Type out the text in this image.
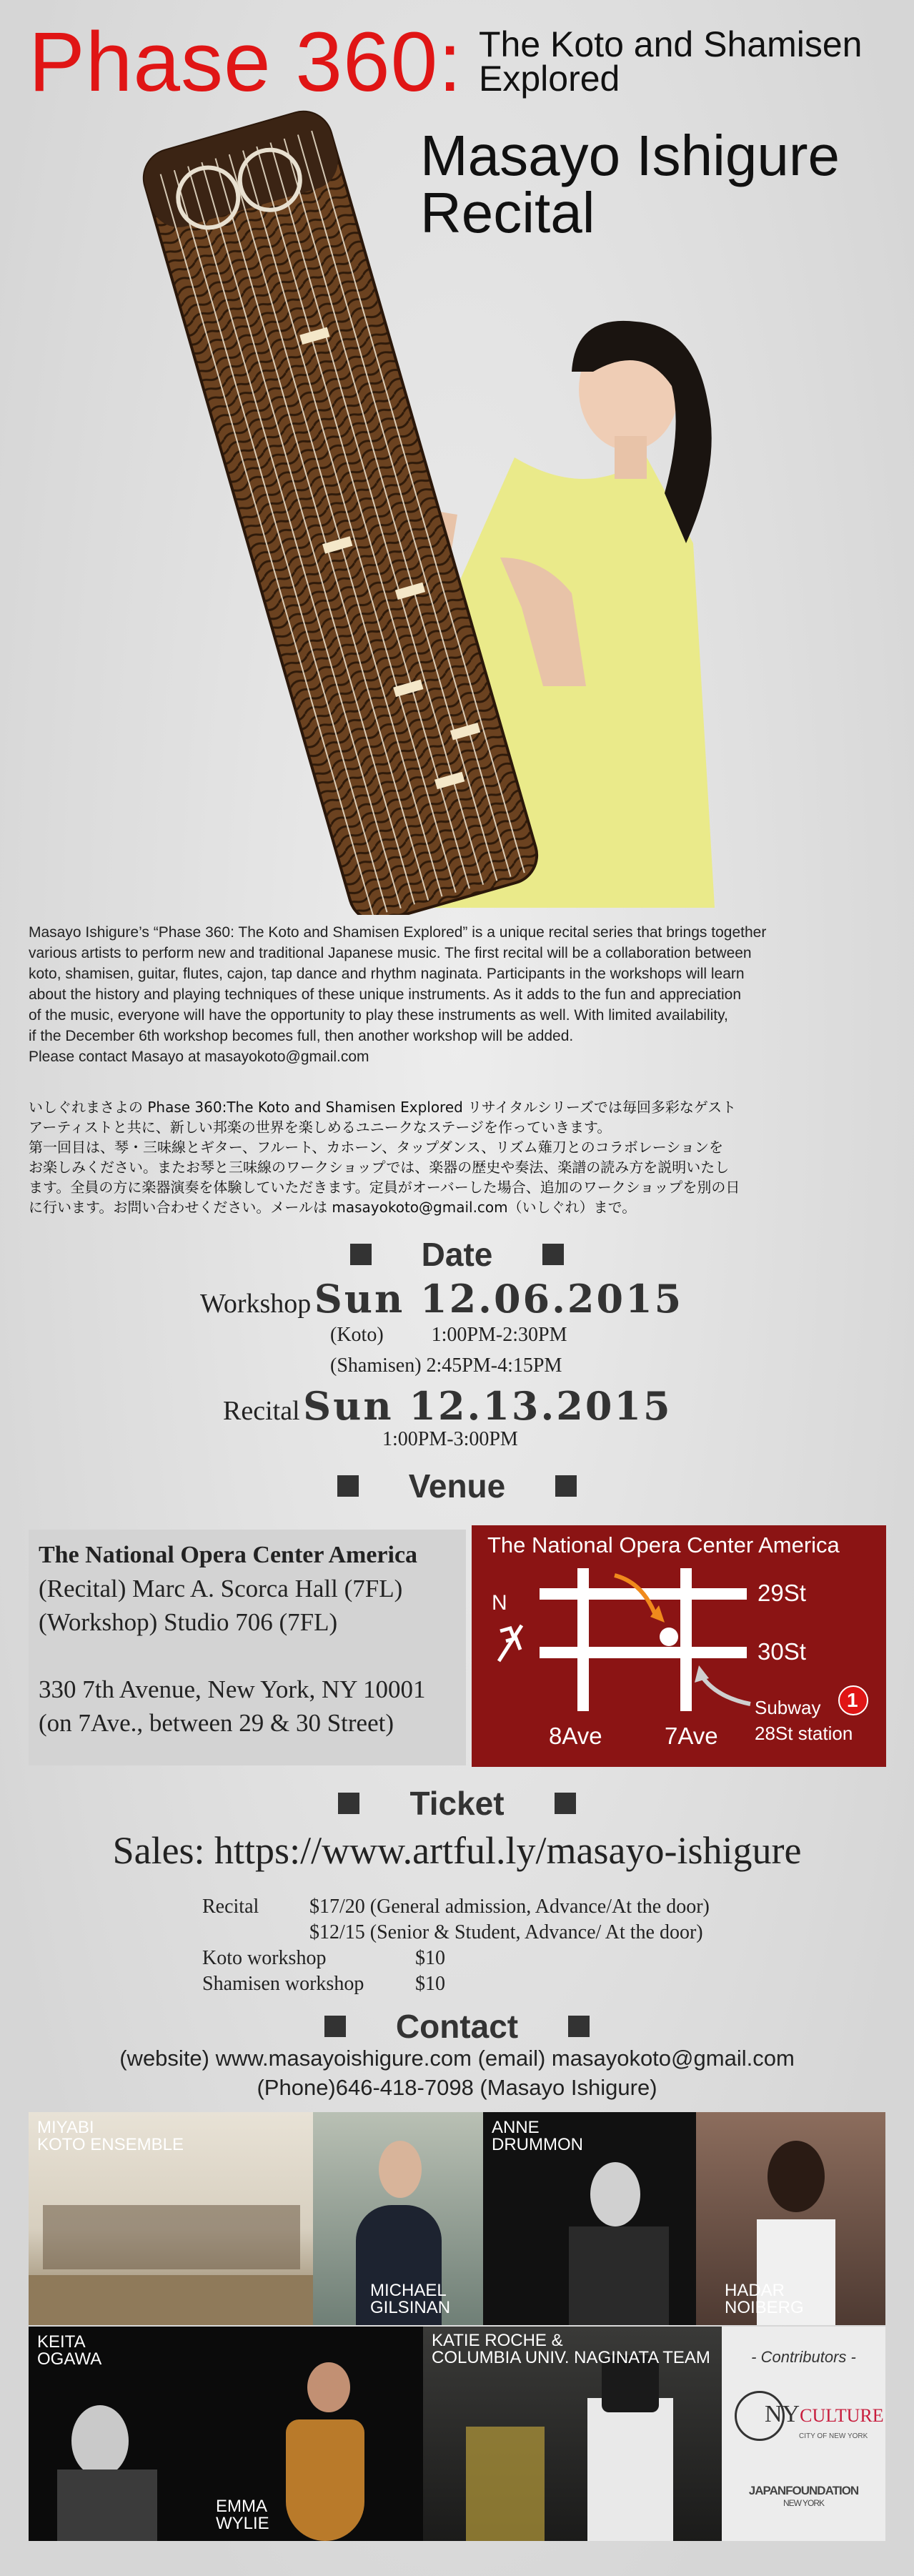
Phase 360: The Koto and Shamisen
Explored
Masayo Ishigure
Recital
Masayo Ishigure’s “Phase 360: The Koto and Shamisen Explored” is a unique recital series that brings together
various artists to perform new and traditional Japanese music. The first recital will be a collaboration between
koto, shamisen, guitar, flutes, cajon, tap dance and rhythm naginata. Participants in the workshops will learn
about the history and playing techniques of these unique instruments. As it adds to the fun and appreciation
of the music, everyone will have the opportunity to play these instruments as well. With limited availability,
if the December 6th workshop becomes full, then another workshop will be added.
Please contact Masayo at masayokoto@gmail.com
いしぐれまさよの Phase 360:The Koto and Shamisen Explored リサイタルシリーズでは毎回多彩なゲスト
アーティストと共に、新しい邦楽の世界を楽しめるユニークなステージを作っていきます。
第一回目は、琴・三味線とギター、フルート、カホーン、タップダンス、リズム薙刀とのコラボレーションを
お楽しみください。またお琴と三味線のワークショップでは、楽器の歴史や奏法、楽譜の読み方を説明いたし
ます。全員の方に楽器演奏を体験していただきます。定員がオーバーした場合、追加のワークショップを別の日
に行います。お問い合わせください。メールは masayokoto@gmail.com（いしぐれ）まで。
Date
Workshop Sun 12.06.2015
(Koto) 1:00PM-2:30PM
(Shamisen) 2:45PM-4:15PM
Recital Sun 12.13.2015
1:00PM-3:00PM
Venue
The National Opera Center America
(Recital) Marc A. Scorca Hall (7FL)
(Workshop) Studio 706 (7FL)
330 7th Avenue, New York, NY 10001
(on 7Ave., between 29 & 30 Street)
The National Opera Center America
N	29St
30St
8Ave	7Ave
Subway 1
28St station
Ticket
Sales: https://www.artful.ly/masayo-ishigure
Recital	$17/20 (General admission, Advance/At the door)
$12/15 (Senior & Student, Advance/ At the door)
Koto workshop	$10
Shamisen workshop	$10
Contact
(website) www.masayoishigure.com (email) masayokoto@gmail.com
(Phone)646-418-7098 (Masayo Ishigure)
MIYABI
KOTO ENSEMBLE
MICHAEL
GILSINAN
ANNE
DRUMMON
HADAR
NOIBERG
KEITA
OGAWA
EMMA
WYLIE
KATIE ROCHE &
COLUMBIA UNIV. NAGINATA TEAM	- Contributors -
NYCULTURE
CITY OF NEW YORK
JAPANFOUNDATION
NEW YORK
